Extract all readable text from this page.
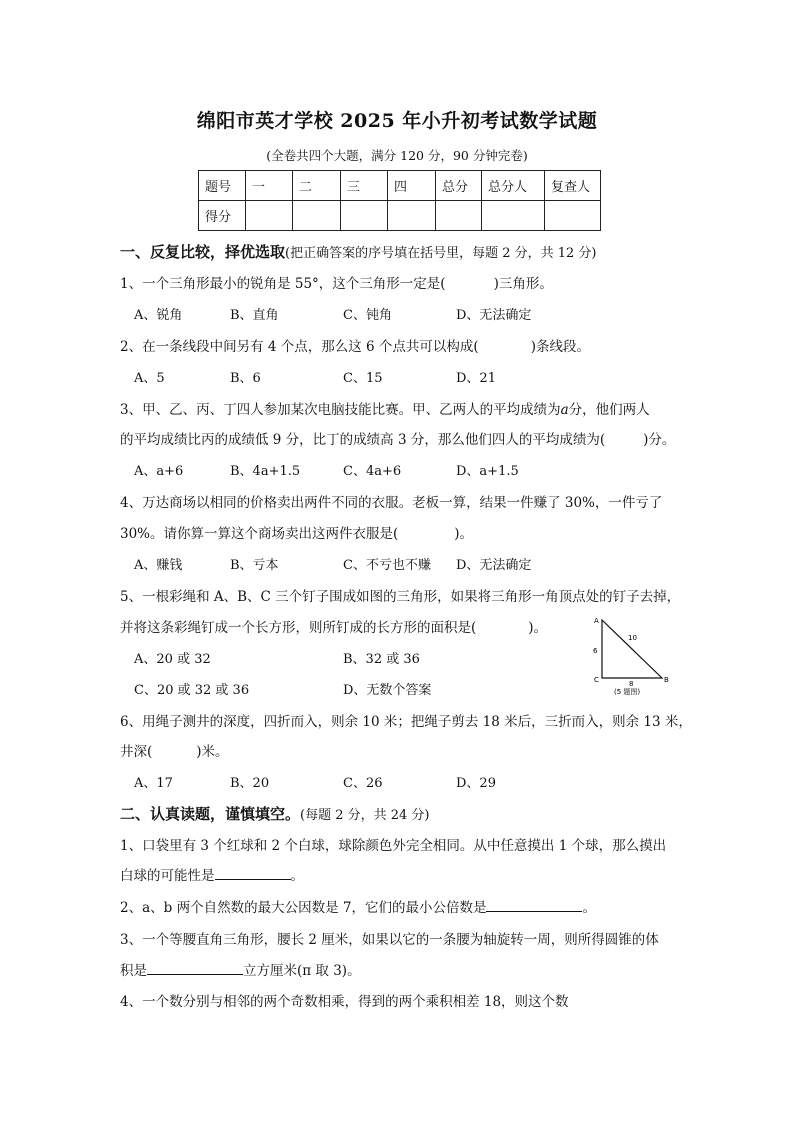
绵阳市英才学校 2025 年小升初考试数学试题
(全卷共四个大题，满分 120 分，90 分钟完卷)
题号	一	二	三	四	总分	总分人	复查人
得分							
一、反复比较，择优选取(把正确答案的序号填在括号里，每题 2 分，共 12 分)
1、一个三角形最小的锐角是 55°，这个三角形一定是(	)三角形。
A、锐角	B、直角	C、钝角	D、无法确定
2、在一条线段中间另有 4 个点，那么这 6 个点共可以构成(	)条线段。
A、5	B、6	C、15	D、21
3、甲、乙、丙、丁四人参加某次电脑技能比赛。甲、乙两人的平均成绩为a分，他们两人
的平均成绩比丙的成绩低 9 分，比丁的成绩高 3 分，那么他们四人的平均成绩为(	)分。
A、a+6	B、4a+1.5	C、4a+6	D、a+1.5
4、万达商场以相同的价格卖出两件不同的衣服。老板一算，结果一件赚了 30%，一件亏了
30%。请你算一算这个商场卖出这两件衣服是(	)。
A、赚钱	B、亏本	C、不亏也不赚 D、无法确定
5、一根彩绳和 A、B、C 三个钉子围成如图的三角形，如果将三角形一角顶点处的钉子去掉，
并将这条彩绳钉成一个长方形，则所钉成的长方形的面积是(	)。
A、20 或 32	B、32 或 36
C、20 或 32 或 36	D、无数个答案
A
B
C
6
8
10
(5 题图)
6、用绳子测井的深度，四折而入，则余 10 米；把绳子剪去 18 米后，三折而入，则余 13 米，
井深(	)米。
A、17	B、20	C、26	D、29
二、认真读题，谨慎填空。(每题 2 分，共 24 分)
1、口袋里有 3 个红球和 2 个白球，球除颜色外完全相同。从中任意摸出 1 个球，那么摸出
白球的可能性是	。
2、a、b 两个自然数的最大公因数是 7，它们的最小公倍数是	。
3、一个等腰直角三角形，腰长 2 厘米，如果以它的一条腰为轴旋转一周，则所得圆锥的体
积是	立方厘米(π 取 3)。
4、一个数分别与相邻的两个奇数相乘，得到的两个乘积相差 18，则这个数
